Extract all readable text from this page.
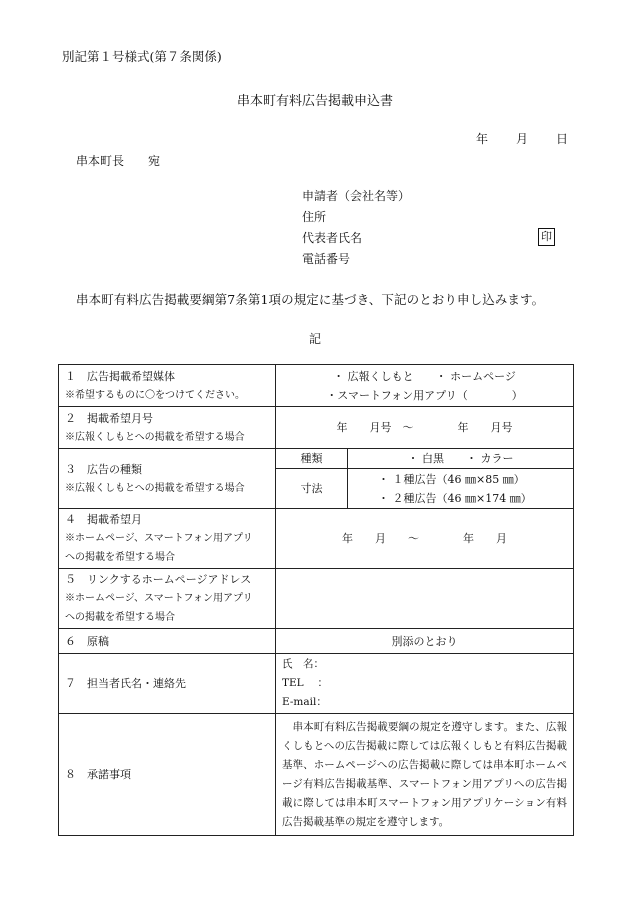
別記第１号様式(第７条関係)
串本町有料広告掲載申込書
年 月 日
串本町長　　宛
申請者（会社名等）
住所
代表者氏名	印
電話番号
串本町有料広告掲載要綱第7条第1項の規定に基づき、下記のとおり申し込みます。
記
１　広告掲載希望媒体
※希望するものに〇をつけてください。	・ 広報くしもと　　・ ホームページ
・スマートフォン用アプリ（　　　　）	

２　掲載希望月号
※広報くしもとへの掲載を希望する場合	年　　月号　～　　　　年　　月号	

３　広告の種類
※広報くしもとへの掲載を希望する場合	種類	・ 白黒　　・ カラー
	寸法	・ １種広告（46 ㎜×85 ㎜）
・ ２種広告（46 ㎜×174 ㎜）

４　掲載希望月
※ホームページ、スマートフォン用アプリ
への掲載を希望する場合	年　　月　　～　　　　年　　月	

５　リンクするホームページアドレス
※ホームページ、スマートフォン用アプリ
への掲載を希望する場合		

６　原稿	別添のとおり	
７　担当者氏名・連絡先	氏　名：
TEL　 ：
E-mail：	

８　承諾事項	　串本町有料広告掲載要綱の規定を遵守します。また、広報くしもとへの広告掲載に際しては広報くしもと有料広告掲載基準、ホームページへの広告掲載に際しては串本町ホームページ有料広告掲載基準、スマートフォン用アプリへの広告掲載に際しては串本町スマートフォン用アプリケーション有料広告掲載基準の規定を遵守します。	
